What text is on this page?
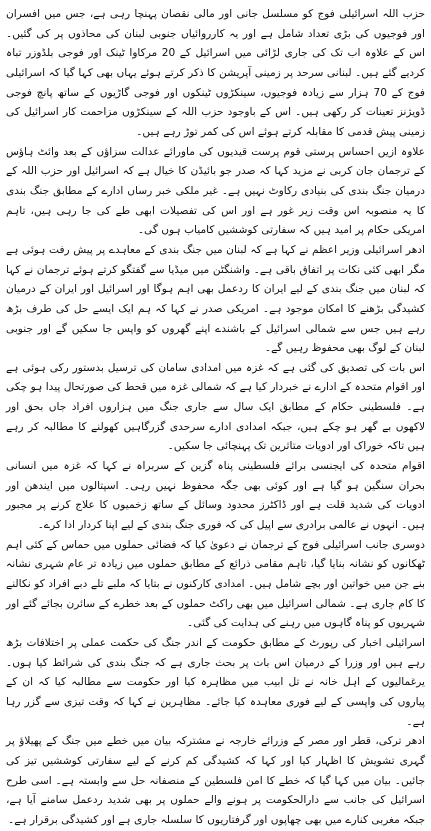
حزب اللہ اسرائیلی فوج کو مسلسل جانی اور مالی نقصان پہنچا رہی ہے، جس میں افسران اور فوجیوں کی بڑی تعداد شامل ہے اور یہ کارروائیاں جنوبی لبنان کی محاذوں پر کی گئیں۔ اس کے علاوہ اب تک کی جاری لڑائی میں اسرائیل کے 20 مرکاوا ٹینک اور فوجی بلڈوزر تباہ کردیے گئے ہیں۔ لبنانی سرحد پر زمینی آپریشن کا ذکر کرتے ہوئے یہاں بھی کہا گیا کہ اسرائیلی فوج کے 70 ہزار سے زیادہ فوجیوں، سینکڑوں ٹینکوں اور فوجی گاڑیوں کے ساتھ پانچ فوجی ڈویژنز تعینات کر رکھی ہیں۔ اس کے باوجود حزب اللہ کے سینکڑوں مزاحمت کار اسرائیل کی زمینی پیش قدمی کا مقابلہ کرتے ہوئے اس کی کمر توڑ رہے ہیں۔

علاوہ ازیں احساس پرستی قوم پرست قیدیوں کی ماورائے عدالت سزاؤں کے بعد وائٹ ہاؤس کے ترجمان جان کربی نے مزید کہا کہ صدر جو بائیڈن کا خیال ہے کہ اسرائیل اور حزب اللہ کے درمیان جنگ بندی کی بنیادی رکاوٹ نہیں ہے۔ غیر ملکی خبر رساں ادارے کے مطابق جنگ بندی کا یہ منصوبہ اس وقت زیر غور ہے اور اس کی تفصیلات ابھی طے کی جا رہی ہیں، تاہم امریکی حکام پر امید ہیں کہ سفارتی کوششیں کامیاب ہوں گی۔

ادھر اسرائیلی وزیر اعظم نے کہا ہے کہ لبنان میں جنگ بندی کے معاہدے پر پیش رفت ہوئی ہے مگر ابھی کئی نکات پر اتفاق باقی ہے۔ واشنگٹن میں میڈیا سے گفتگو کرتے ہوئے ترجمان نے کہا کہ لبنان میں جنگ بندی کے لیے ایران کا ردعمل بھی اہم ہوگا اور اسرائیل اور ایران کے درمیان کشیدگی بڑھنے کا امکان موجود ہے۔ امریکی صدر نے کہا کہ ہم ایک ایسے حل کی طرف بڑھ رہے ہیں جس سے شمالی اسرائیل کے باشندے اپنے گھروں کو واپس جا سکیں گے اور جنوبی لبنان کے لوگ بھی محفوظ رہیں گے۔

اس بات کی تصدیق کی گئی ہے کہ غزہ میں امدادی سامان کی ترسیل بدستور رکی ہوئی ہے اور اقوام متحدہ کے ادارے نے خبردار کیا ہے کہ شمالی غزہ میں قحط کی صورتحال پیدا ہو چکی ہے۔ فلسطینی حکام کے مطابق ایک سال سے جاری جنگ میں ہزاروں افراد جاں بحق اور لاکھوں بے گھر ہو چکے ہیں، جبکہ امدادی ادارے سرحدی گزرگاہیں کھولنے کا مطالبہ کر رہے ہیں تاکہ خوراک اور ادویات متاثرین تک پہنچائی جا سکیں۔

اقوام متحدہ کی ایجنسی برائے فلسطینی پناہ گزین کے سربراہ نے کہا کہ غزہ میں انسانی بحران سنگین ہو گیا ہے اور کوئی بھی جگہ محفوظ نہیں رہی۔ اسپتالوں میں ایندھن اور ادویات کی شدید قلت ہے اور ڈاکٹرز محدود وسائل کے ساتھ زخمیوں کا علاج کرنے پر مجبور ہیں۔ انہوں نے عالمی برادری سے اپیل کی کہ فوری جنگ بندی کے لیے اپنا کردار ادا کرے۔

دوسری جانب اسرائیلی فوج کے ترجمان نے دعویٰ کیا کہ فضائی حملوں میں حماس کے کئی اہم ٹھکانوں کو نشانہ بنایا گیا، تاہم مقامی ذرائع کے مطابق حملوں میں زیادہ تر عام شہری نشانہ بنے جن میں خواتین اور بچے شامل ہیں۔ امدادی کارکنوں نے بتایا کہ ملبے تلے دبے افراد کو نکالنے کا کام جاری ہے۔ شمالی اسرائیل میں بھی راکٹ حملوں کے بعد خطرے کے سائرن بجائے گئے اور شہریوں کو پناہ گاہوں میں رہنے کی ہدایت کی گئی۔

اسرائیلی اخبار کی رپورٹ کے مطابق حکومت کے اندر جنگ کی حکمت عملی پر اختلافات بڑھ رہے ہیں اور وزرا کے درمیان اس بات پر بحث جاری ہے کہ جنگ بندی کی شرائط کیا ہوں۔ یرغمالیوں کے اہل خانہ نے تل ابیب میں مظاہرہ کیا اور حکومت سے مطالبہ کیا کہ ان کے پیاروں کی واپسی کے لیے فوری معاہدہ کیا جائے۔ مظاہرین نے کہا کہ وقت تیزی سے گزر رہا ہے۔

ادھر ترکی، قطر اور مصر کے وزرائے خارجہ نے مشترکہ بیان میں خطے میں جنگ کے پھیلاؤ پر گہری تشویش کا اظہار کیا اور کہا کہ کشیدگی کم کرنے کے لیے سفارتی کوششیں تیز کی جائیں۔ بیان میں کہا گیا کہ خطے کا امن فلسطین کے منصفانہ حل سے وابستہ ہے۔ اسی طرح اسرائیل کی جانب سے دارالحکومت پر ہونے والے حملوں پر بھی شدید ردعمل سامنے آیا ہے، جبکہ مغربی کنارے میں بھی چھاپوں اور گرفتاریوں کا سلسلہ جاری ہے اور کشیدگی برقرار ہے۔
